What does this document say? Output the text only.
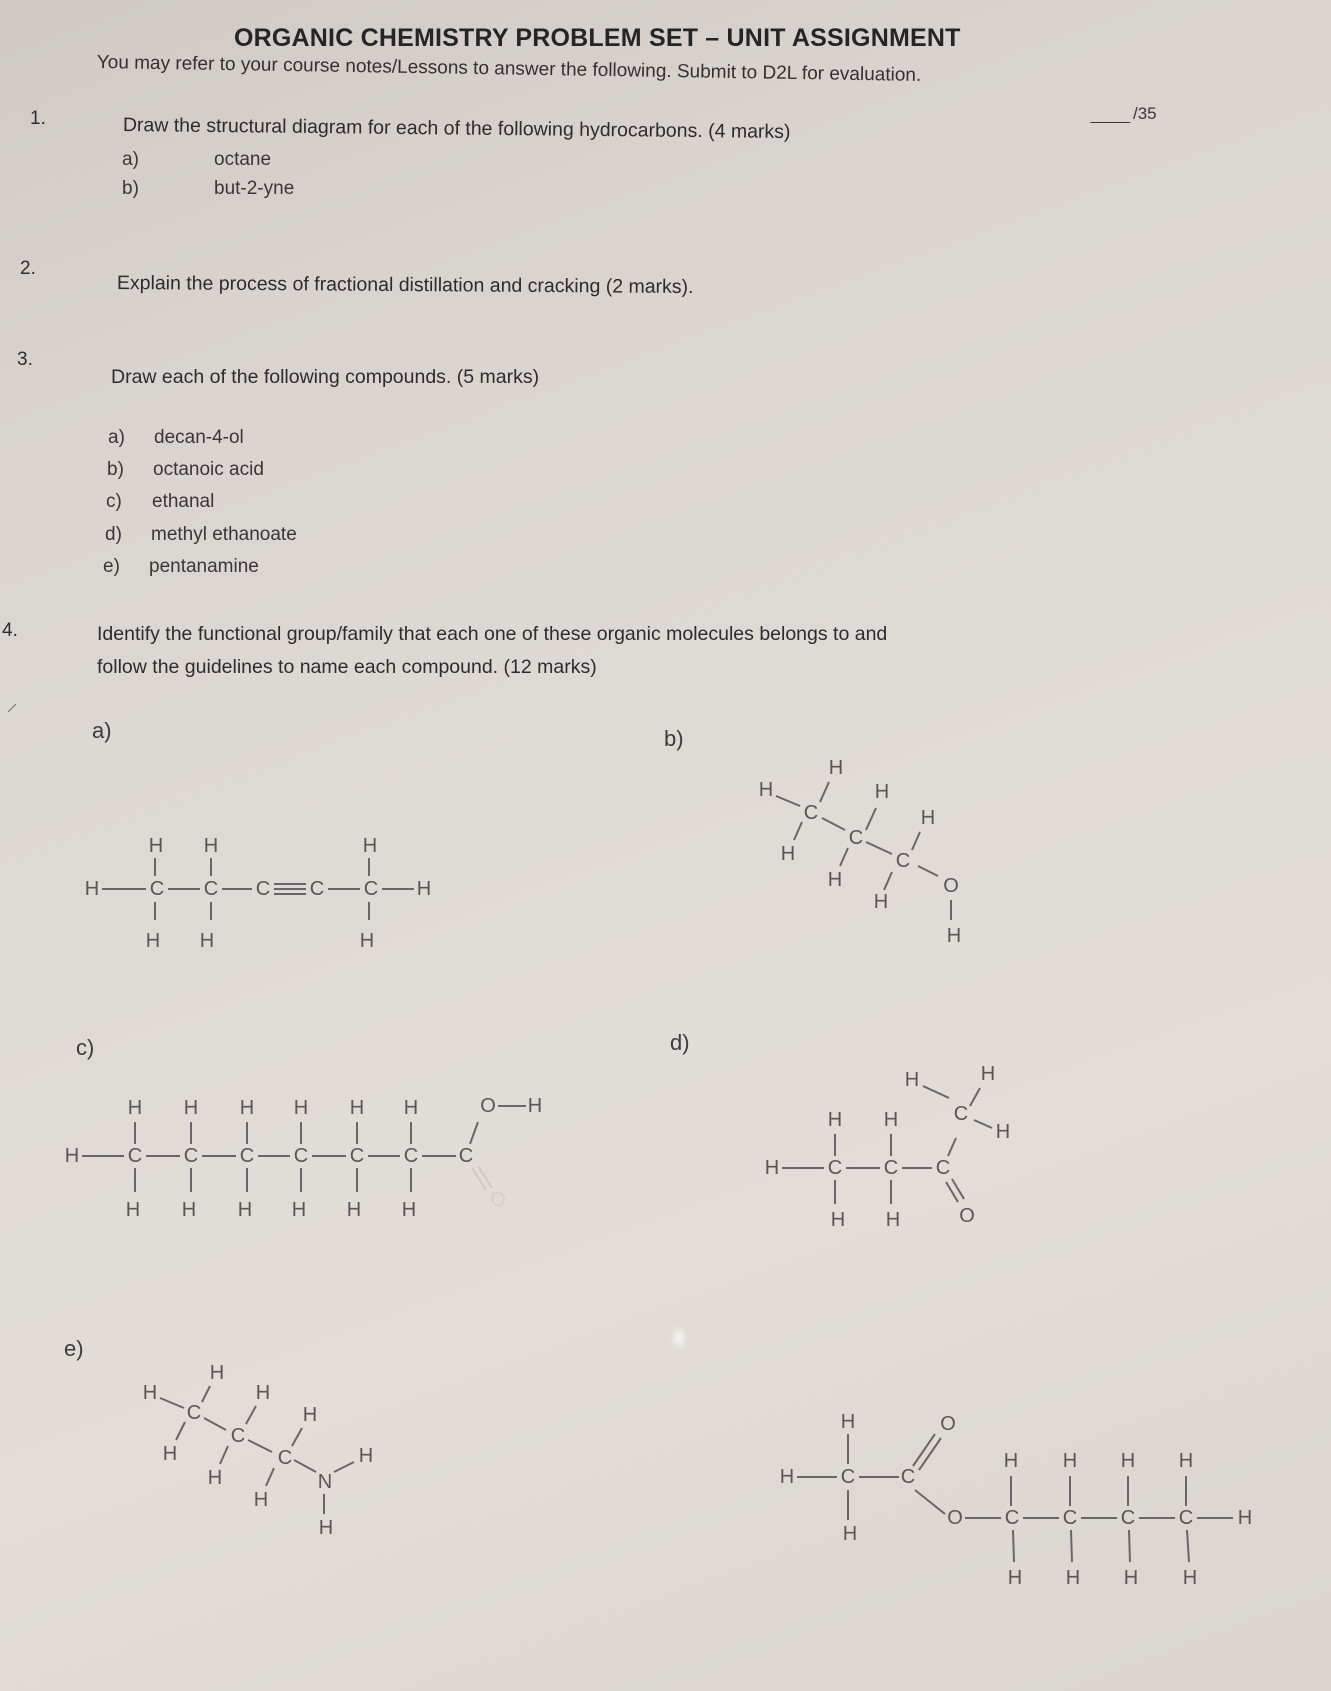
ORGANIC CHEMISTRY PROBLEM SET – UNIT ASSIGNMENT
You may refer to your course notes/Lessons to answer the following. Submit to D2L for evaluation.
/35
1.	Draw the structural diagram for each of the following hydrocarbons. (4 marks)
a)	octane
b)	but-2-yne
2.
Explain the process of fractional distillation and cracking (2 marks).
3.
Draw each of the following compounds. (5 marks)
a) decan-4-ol
b) octanoic acid
c) ethanal
d) methyl ethanoate
e) pentanamine
4.	Identify the functional group/family that each one of these organic molecules belongs to and
follow the guidelines to name each compound. (12 marks)
/
a)	b)
c)	d)
e)
H	C C C C C H
H H	H
H H	H
H
H
C
H
H
C
H
H
C
H
O
H
H C C C C C C C
H H H H H H
H H H H H H
O H
O
H C C C
H H
H H	O
C
H	H
H
H
H
C
H
H
C
H
H
C
H
N
H
H
H C
H
H
C
O
O C C C C H
H H H H
H H H H
